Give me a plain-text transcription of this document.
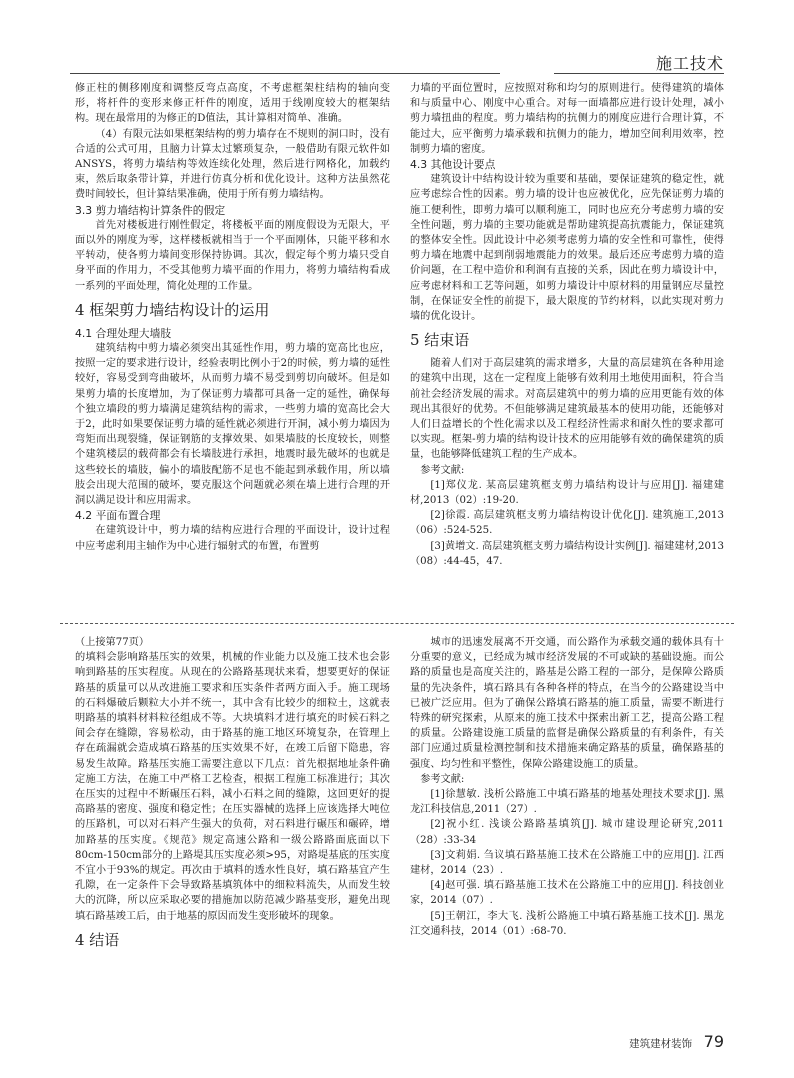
施工技术

修正柱的侧移刚度和调整反弯点高度，不考虑框架柱结构的轴向变形，将杆件的变形来修正杆件的刚度，适用于线刚度较大的框架结构。现在最常用的为修正的D值法，其计算相对简单、准确。

（4）有限元法如果框架结构的剪力墙存在不规则的洞口时，没有合适的公式可用，且脑力计算太过繁琐复杂，一般借助有限元软件如ANSYS，将剪力墙结构等效连续化处理，然后进行网格化，加载约束，然后取条带计算，并进行仿真分析和优化设计。这种方法虽然花费时间较长，但计算结果准确，使用于所有剪力墙结构。

3.3 剪力墙结构计算条件的假定

首先对楼板进行刚性假定，将楼板平面的刚度假设为无限大，平面以外的刚度为零，这样楼板就相当于一个平面刚体，只能平移和水平转动，使各剪力墙间变形保持协调。其次，假定每个剪力墙只受自身平面的作用力，不受其他剪力墙平面的作用力，将剪力墙结构看成一系列的平面处理，简化处理的工作量。

4 框架剪力墙结构设计的运用
4.1 合理处理大墙肢

建筑结构中剪力墙必须突出其延性作用，剪力墙的宽高比也应，按照一定的要求进行设计，经验表明比例小于2的时候，剪力墙的延性较好，容易受到弯曲破坏，从而剪力墙不易受到剪切向破坏。但是如果剪力墙的长度增加，为了保证剪力墙都可具备一定的延性，确保每个独立墙段的剪力墙满足建筑结构的需求，一些剪力墙的宽高比会大于2，此时如果要保证剪力墙的延性就必须进行开洞，减小剪力墙因为弯矩而出现裂缝，保证钢筋的支撑效果、如果墙肢的长度较长，则整个建筑楼层的载荷都会有长墙肢进行承担，地震时最先破坏的也就是这些较长的墙肢，偏小的墙肢配筋不足也不能起到承载作用，所以墙肢会出现大范围的破坏，要克服这个问题就必须在墙上进行合理的开洞以满足设计和应用需求。

4.2 平面布置合理

在建筑设计中，剪力墙的结构应进行合理的平面设计，设计过程中应考虑利用主轴作为中心进行辐射式的布置，布置剪

力墙的平面位置时，应按照对称和均匀的原则进行。使得建筑的墙体和与质量中心、刚度中心重合。对每一面墙都应进行设计处理，减小剪力墙扭曲的程度。剪力墙结构的抗侧力的刚度应进行合理计算，不能过大，应平衡剪力墙承载和抗侧力的能力，增加空间利用效率，控制剪力墙的密度。

4.3 其他设计要点

建筑设计中结构设计较为重要和基础，要保证建筑的稳定性，就应考虑综合性的因素。剪力墙的设计也应被优化，应先保证剪力墙的施工便利性，即剪力墙可以顺利施工，同时也应充分考虑剪力墙的安全性问题，剪力墙的主要功能就是帮助建筑提高抗震能力，保证建筑的整体安全性。因此设计中必须考虑剪力墙的安全性和可靠性，使得剪力墙在地震中起到削弱地震能力的效果。最后还应考虑剪力墙的造价问题，在工程中造价和利润有直接的关系，因此在剪力墙设计中，应考虑材料和工艺等问题，如剪力墙设计中原材料的用量钢应尽量控制，在保证安全性的前提下，最大限度的节约材料，以此实现对剪力墙的优化设计。

5 结束语

随着人们对于高层建筑的需求增多，大量的高层建筑在各种用途的建筑中出现，这在一定程度上能够有效利用土地使用面积，符合当前社会经济发展的需求。对高层建筑中的剪力墙的应用更能有效的体现出其很好的优势。不但能够满足建筑最基本的使用功能，还能够对人们日益增长的个性化需求以及工程经济性需求和耐久性的要求都可以实现。框架-剪力墙的结构设计技术的应用能够有效的确保建筑的质量，也能够降低建筑工程的生产成本。

参考文献:

[1]郑仪龙. 某高层建筑框支剪力墙结构设计与应用[J]. 福建建材,2013（02）:19-20.

[2]徐霞. 高层建筑框支剪力墙结构设计优化[J]. 建筑施工,2013（06）:524-525.

[3]黄增文. 高层建筑框支剪力墙结构设计实例[J]. 福建建材,2013（08）:44-45，47.

（上接第77页）

的填料会影响路基压实的效果，机械的作业能力以及施工技术也会影响到路基的压实程度。从现在的公路路基现状来看，想要更好的保证路基的质量可以从改进施工要求和压实条件者两方面入手。施工现场的石料爆破后颗粒大小并不统一，其中含有比较少的细粒土，这就表明路基的填料材料粒径组成不等。大块填料才进行填充的时候石料之间会存在缝隙，容易松动，由于路基的施工地区环境复杂，在管理上存在疏漏就会造成填石路基的压实效果不好，在竣工后留下隐患，容易发生故障。路基压实施工需要注意以下几点：首先根据地址条件确定施工方法，在施工中严格工艺检查，根据工程施工标准进行；其次在压实的过程中不断碾压石料，减小石料之间的缝隙，这回更好的提高路基的密度、强度和稳定性；在压实器械的选择上应该选择大吨位的压路机，可以对石料产生强大的负荷，对石料进行碾压和碾碎，增加路基的压实度。《规范》规定高速公路和一级公路路面底面以下80cm-150cm部分的上路堤其压实度必须>95，对路堤基底的压实度不宜小于93%的规定。再次由于填料的透水性良好，填石路基宜产生孔隙，在一定条件下会导致路基填筑体中的细粒料流失，从而发生较大的沉降，所以应采取必要的措施加以防范减少路基变形，避免出现填石路基竣工后，由于地基的原因而发生变形破坏的现象。

4 结语

城市的迅速发展离不开交通，而公路作为承载交通的载体具有十分重要的意义，已经成为城市经济发展的不可或缺的基础设施。而公路的质量也是高度关注的，路基是公路工程的一部分，是保障公路质量的先决条件，填石路具有各种各样的特点，在当今的公路建设当中已被广泛应用。但为了确保公路填石路基的施工质量，需要不断进行特殊的研究探索，从原来的施工技术中探索出新工艺，提高公路工程的质量。公路建设施工质量的监督是确保公路质量的有利条件，有关部门应通过质量检测控制和技术措施来确定路基的质量，确保路基的强度、均匀性和平整性，保障公路建设施工的质量。

参考文献:

[1]徐慧敏. 浅析公路施工中填石路基的地基处理技术要求[J]. 黑龙江科技信息,2011（27）.

[2]祝小红. 浅谈公路路基填筑[J]. 城市建设理论研究,2011（28）:33-34

[3]文莉娟. 刍议填石路基施工技术在公路施工中的应用[J]. 江西建材，2014（23）.

[4]赵可强. 填石路基施工技术在公路施工中的应用[J]. 科技创业家，2014（07）.

[5]王朝江，李大飞. 浅析公路施工中填石路基施工技术[J]. 黑龙江交通科技，2014（01）:68-70.

建筑建材装饰 79
